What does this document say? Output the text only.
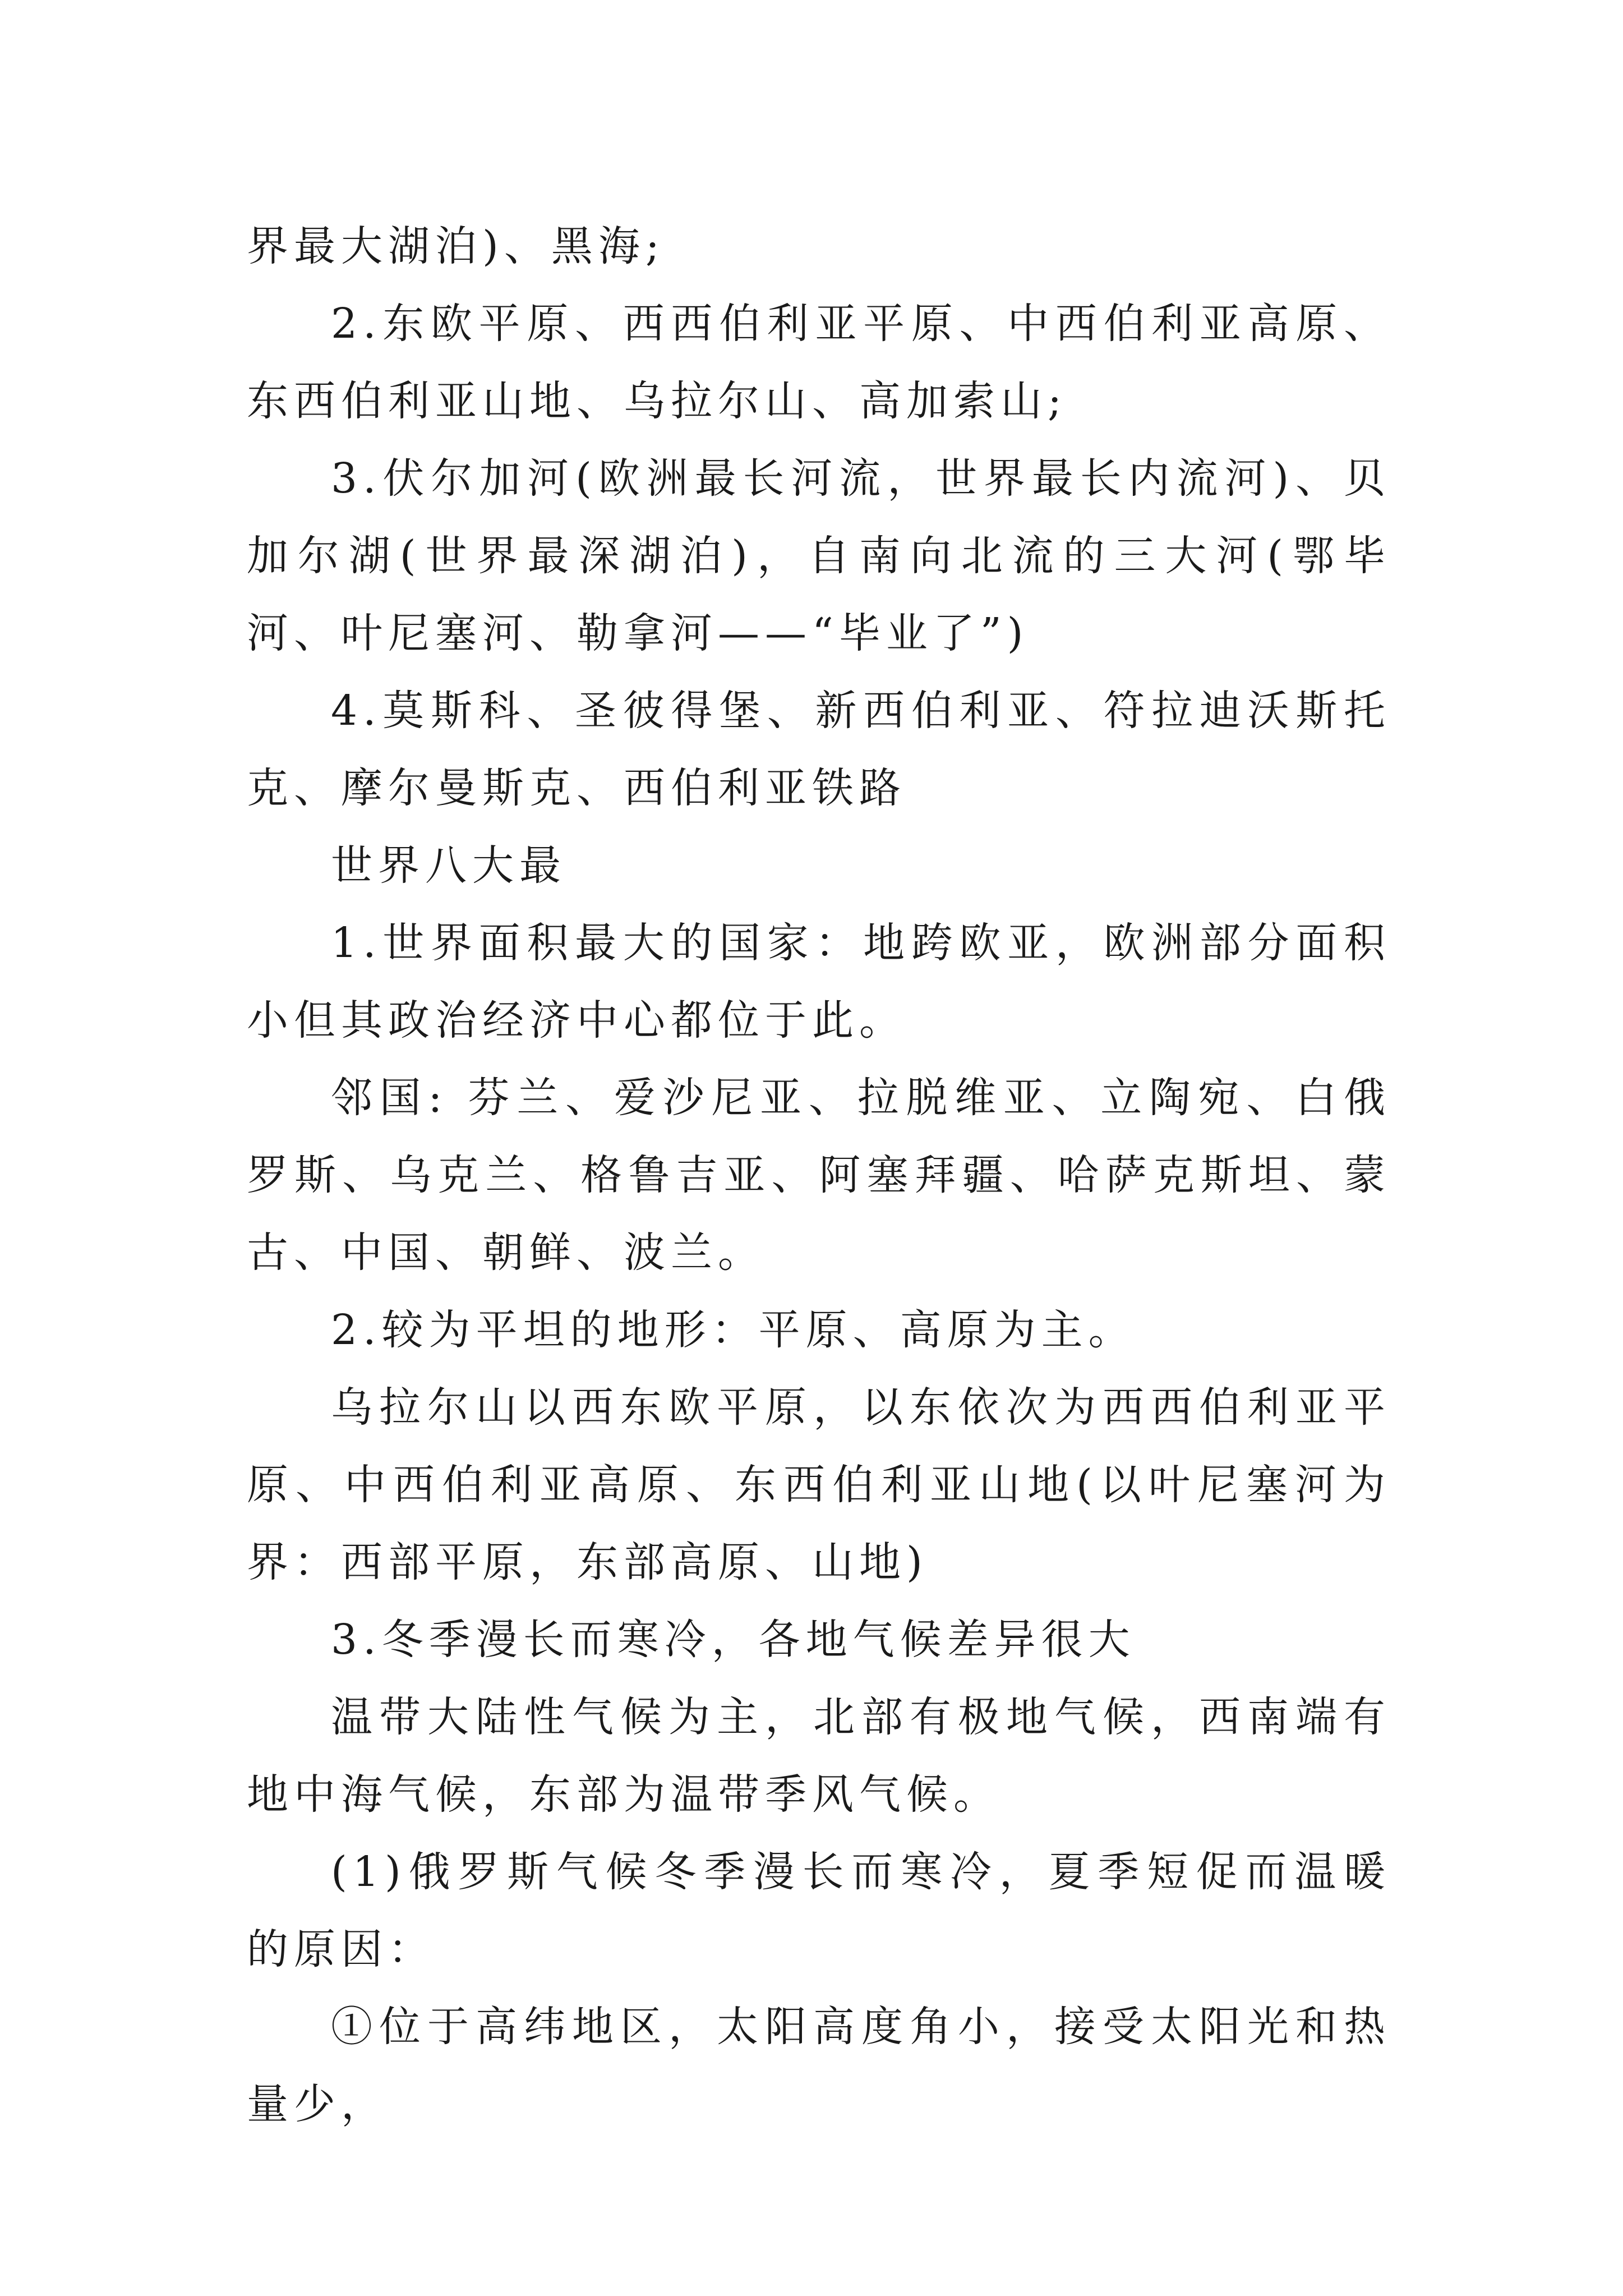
界最大湖泊)、黑海;

2.东欧平原、西西伯利亚平原、中西伯利亚高原、东西伯利亚山地、乌拉尔山、高加索山;

3.伏尔加河(欧洲最长河流，世界最长内流河)、贝加尔湖(世界最深湖泊)，自南向北流的三大河(鄂毕河、叶尼塞河、勒拿河——“毕业了”)

4.莫斯科、圣彼得堡、新西伯利亚、符拉迪沃斯托克、摩尔曼斯克、西伯利亚铁路

世界八大最

1.世界面积最大的国家：地跨欧亚，欧洲部分面积小但其政治经济中心都位于此。

邻国: 芬兰、爱沙尼亚、拉脱维亚、立陶宛、白俄罗斯、乌克兰、格鲁吉亚、阿塞拜疆、哈萨克斯坦、蒙古、中国、朝鲜、波兰。

2.较为平坦的地形：平原、高原为主。

乌拉尔山以西东欧平原，以东依次为西西伯利亚平原、中西伯利亚高原、东西伯利亚山地(以叶尼塞河为界：西部平原，东部高原、山地)

3.冬季漫长而寒冷，各地气候差异很大

温带大陆性气候为主，北部有极地气候，西南端有地中海气候，东部为温带季风气候。

(1)俄罗斯气候冬季漫长而寒冷，夏季短促而温暖的原因：

①位于高纬地区，太阳高度角小，接受太阳光和热量少，
